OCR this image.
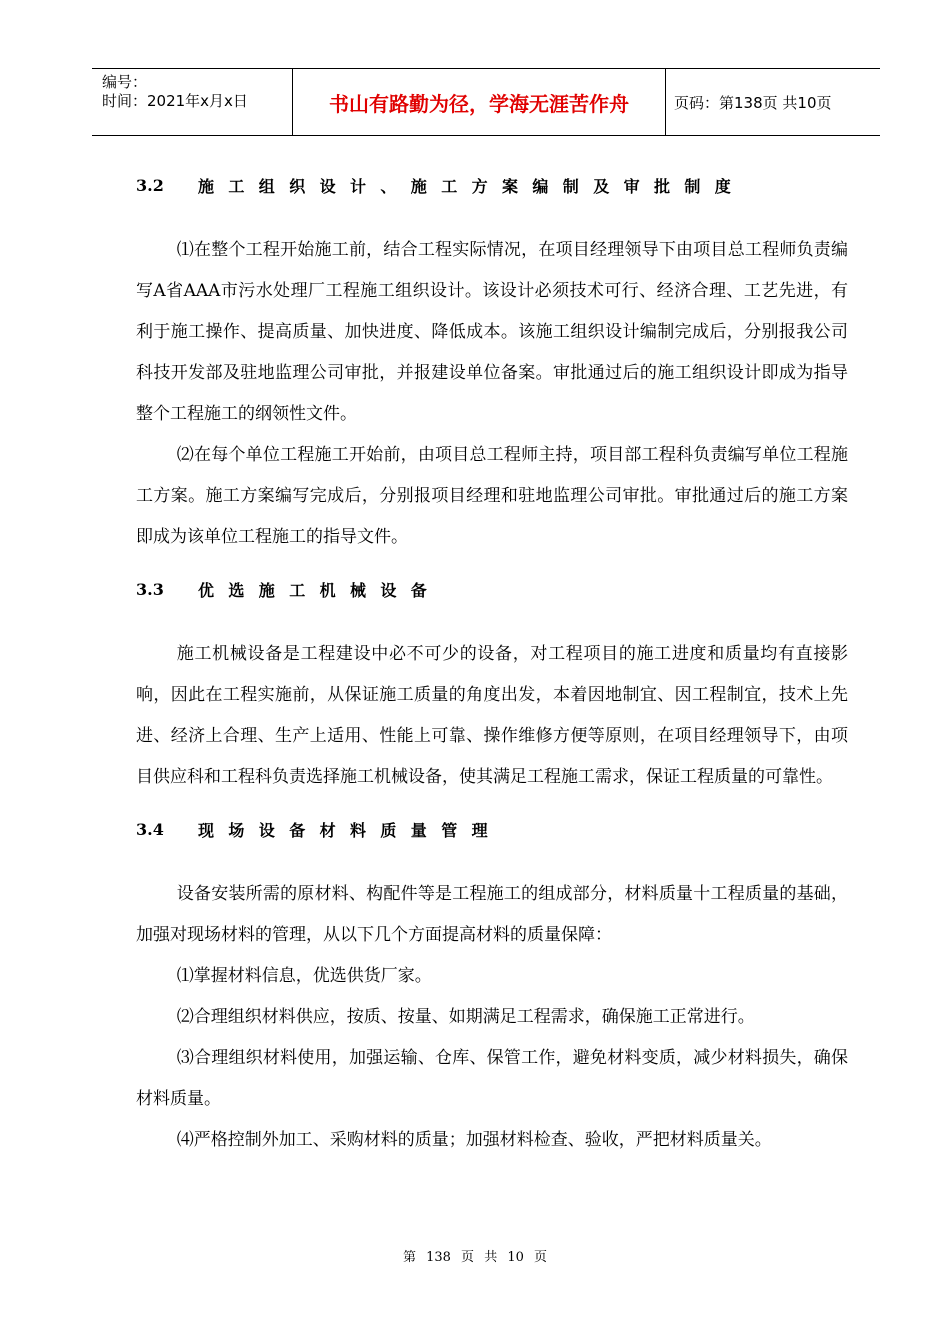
编号：
时间：2021年x月x日	书山有路勤为径，学海无涯苦作舟	页码：第138页 共10页
3.2	施工组织设计、施工方案编制及审批制度

⑴在整个工程开始施工前，结合工程实际情况，在项目经理领导下由项目总工程师负责编写A省AAA市污水处理厂工程施工组织设计。该设计必须技术可行、经济合理、工艺先进，有利于施工操作、提高质量、加快进度、降低成本。该施工组织设计编制完成后，分别报我公司科技开发部及驻地监理公司审批，并报建设单位备案。审批通过后的施工组织设计即成为指导整个工程施工的纲领性文件。

⑵在每个单位工程施工开始前，由项目总工程师主持，项目部工程科负责编写单位工程施工方案。施工方案编写完成后，分别报项目经理和驻地监理公司审批。审批通过后的施工方案即成为该单位工程施工的指导文件。

3.3	优选施工机械设备

施工机械设备是工程建设中必不可少的设备，对工程项目的施工进度和质量均有直接影响，因此在工程实施前，从保证施工质量的角度出发，本着因地制宜、因工程制宜，技术上先进、经济上合理、生产上适用、性能上可靠、操作维修方便等原则，在项目经理领导下，由项目供应科和工程科负责选择施工机械设备，使其满足工程施工需求，保证工程质量的可靠性。

3.4	现场设备材料质量管理

设备安装所需的原材料、构配件等是工程施工的组成部分，材料质量十工程质量的基础，加强对现场材料的管理，从以下几个方面提高材料的质量保障：

⑴掌握材料信息，优选供货厂家。

⑵合理组织材料供应，按质、按量、如期满足工程需求，确保施工正常进行。

⑶合理组织材料使用，加强运输、仓库、保管工作，避免材料变质，减少材料损失，确保材料质量。

⑷严格控制外加工、采购材料的质量；加强材料检查、验收，严把材料质量关。

第 138 页 共 10 页
